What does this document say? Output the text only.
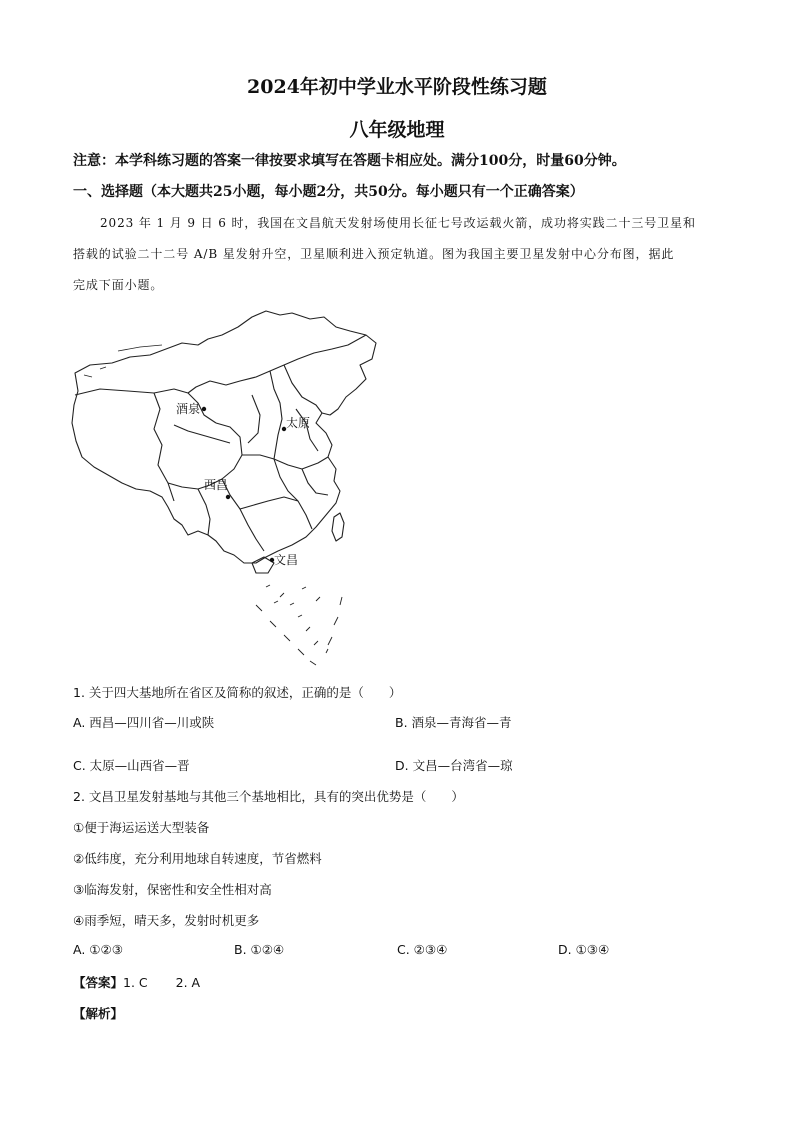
2024年初中学业水平阶段性练习题
八年级地理
注意：本学科练习题的答案一律按要求填写在答题卡相应处。满分100分，时量60分钟。
一、选择题（本大题共25小题，每小题2分，共50分。每小题只有一个正确答案）
2023 年 1 月 9 日 6 时，我国在文昌航天发射场使用长征七号改运载火箭，成功将实践二十三号卫星和
搭载的试验二十二号 A/B 星发射升空，卫星顺利进入预定轨道。图为我国主要卫星发射中心分布图，据此
完成下面小题。
酒泉
太原
西昌
文昌
1. 关于四大基地所在省区及简称的叙述，正确的是（　　）
A. 西昌—四川省—川或陕	B. 酒泉—青海省—青
C. 太原—山西省—晋	D. 文昌—台湾省—琼
2. 文昌卫星发射基地与其他三个基地相比，具有的突出优势是（　　）
①便于海运运送大型装备
②低纬度，充分利用地球自转速度，节省燃料
③临海发射，保密性和安全性相对高
④雨季短，晴天多，发射时机更多
A. ①②③	B. ①②④	C. ②③④	D. ①③④
【答案】1. C 2. A
【解析】
